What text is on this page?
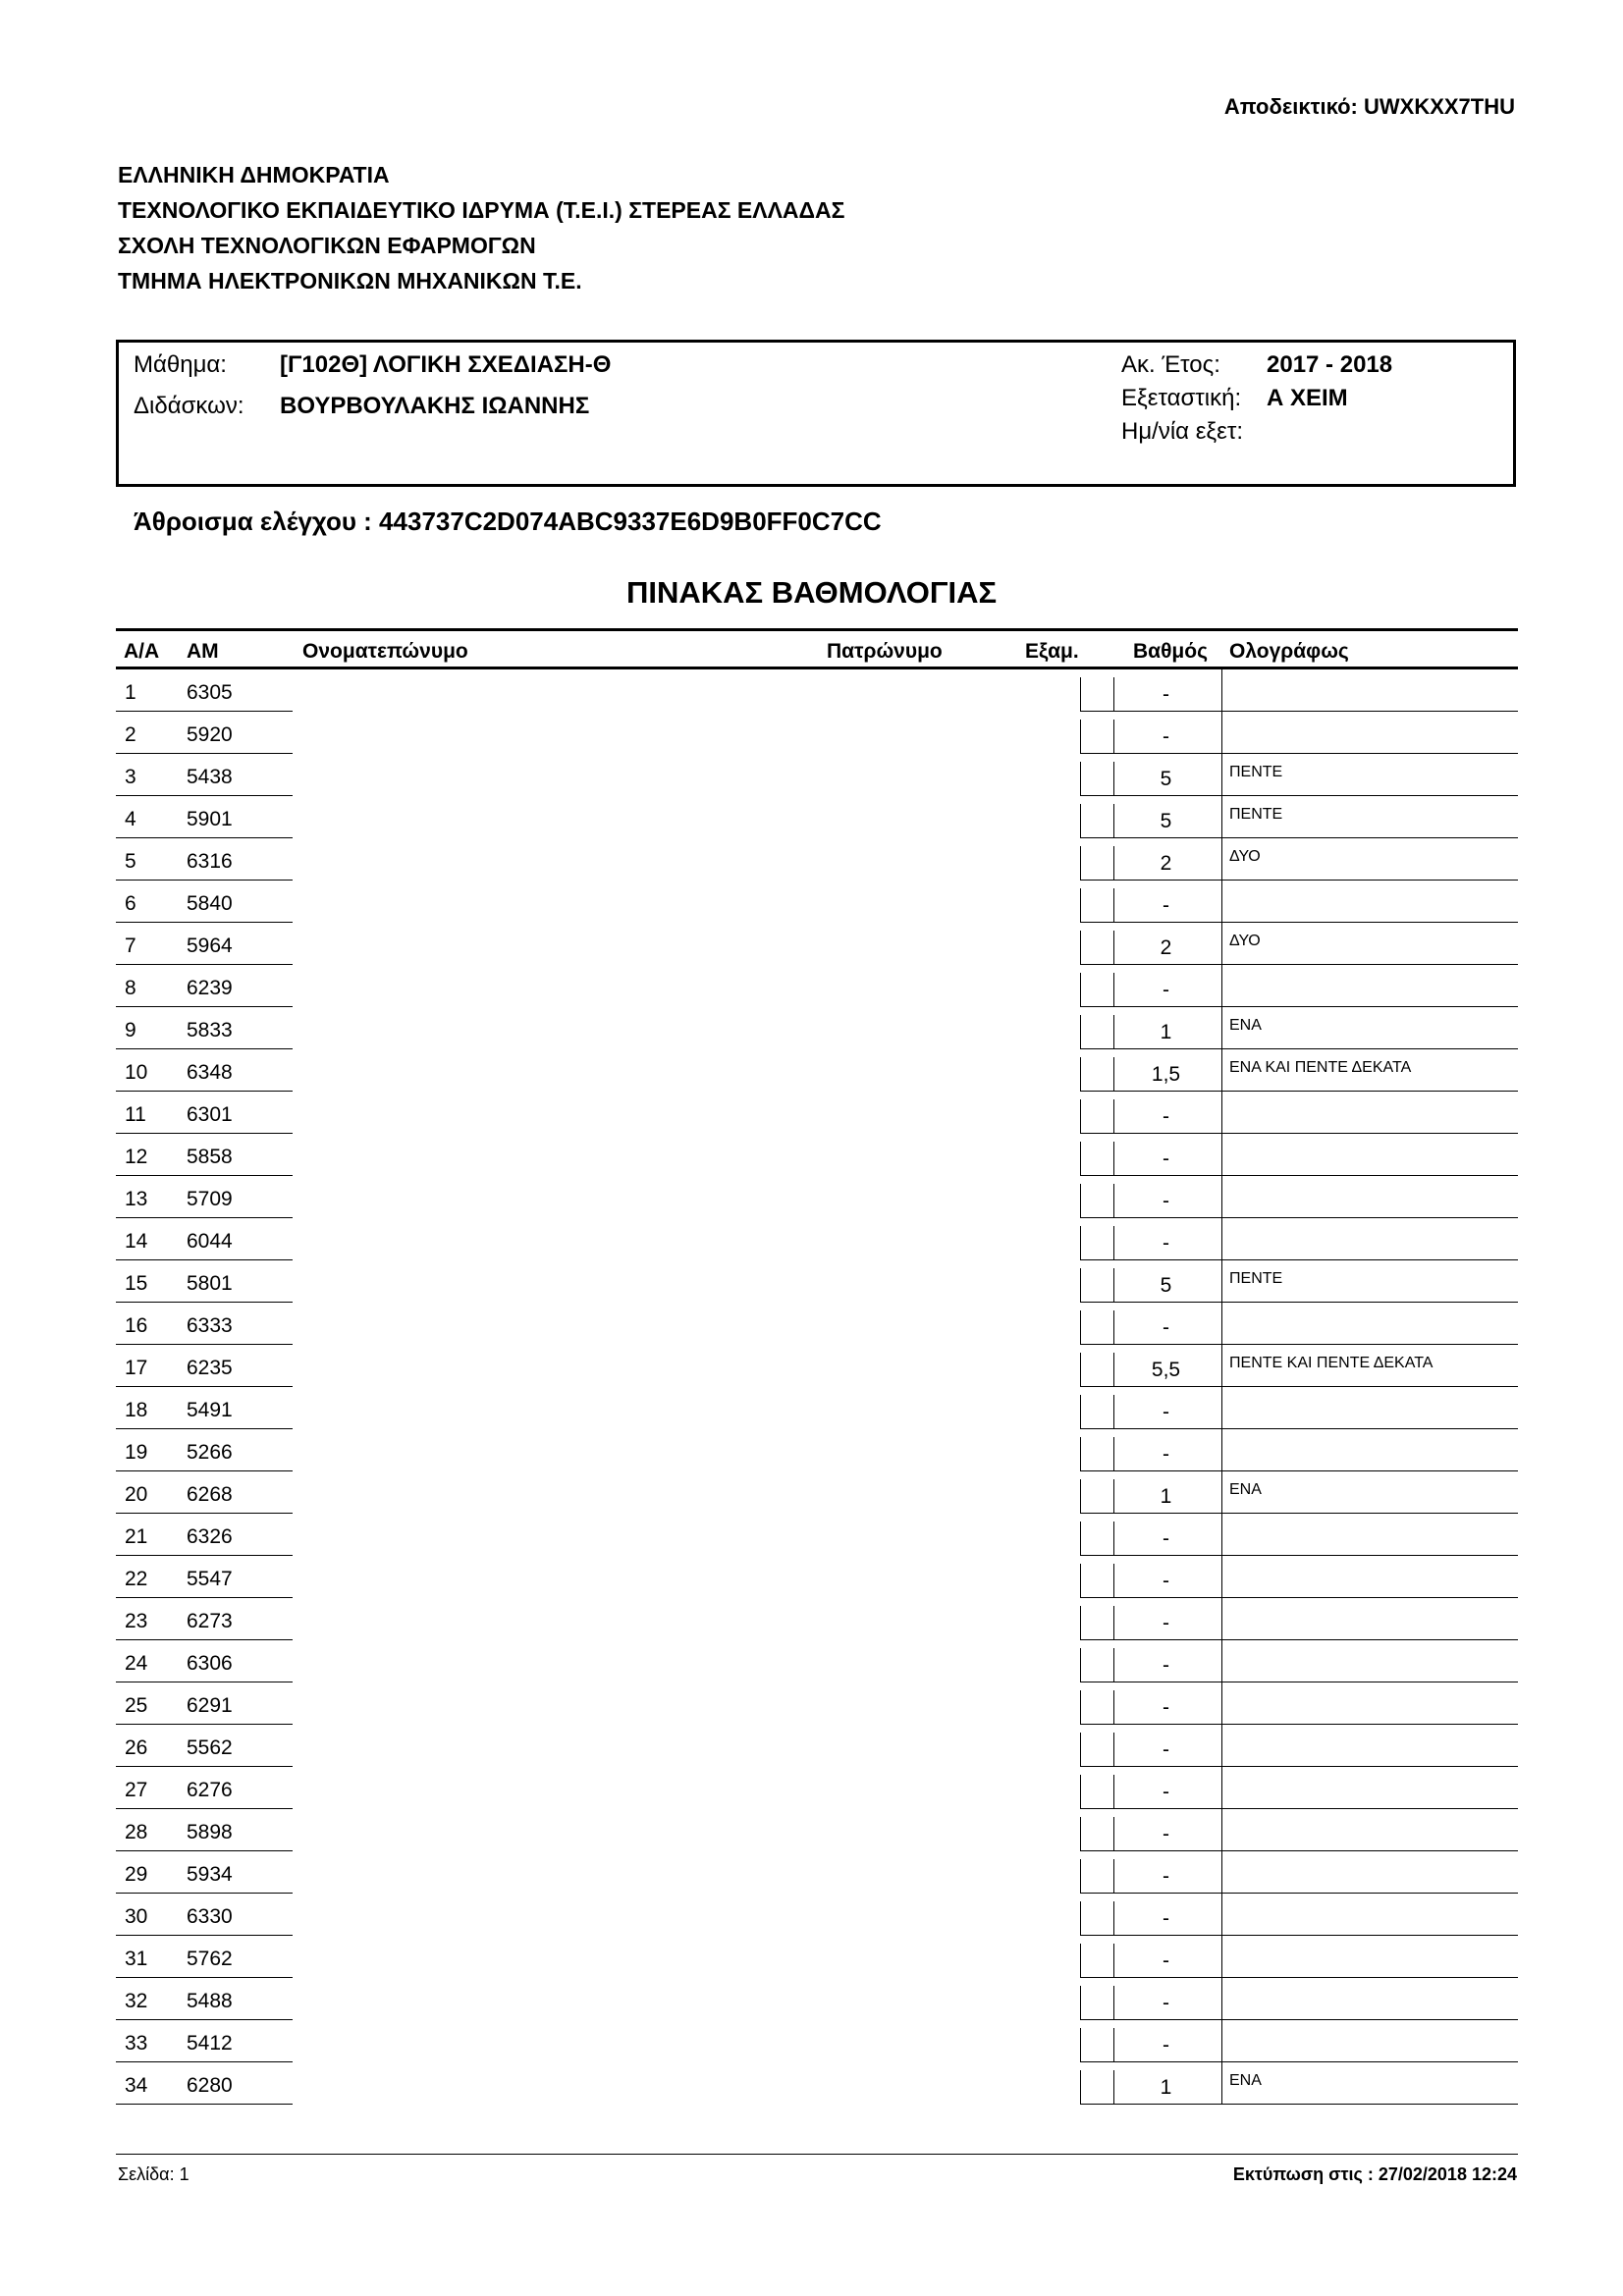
Αποδεικτικό: UWXKXX7THU
ΕΛΛΗΝΙΚΗ ΔΗΜΟΚΡΑΤΙΑ
ΤΕΧΝΟΛΟΓΙΚΟ ΕΚΠΑΙΔΕΥΤΙΚΟ ΙΔΡΥΜΑ (Τ.Ε.Ι.) ΣΤΕΡΕΑΣ ΕΛΛΑΔΑΣ
ΣΧΟΛΗ ΤΕΧΝΟΛΟΓΙΚΩΝ ΕΦΑΡΜΟΓΩΝ
ΤΜΗΜΑ ΗΛΕΚΤΡΟΝΙΚΩΝ ΜΗΧΑΝΙΚΩΝ Τ.Ε.
Μάθημα: [Γ102Θ] ΛΟΓΙΚΗ ΣΧΕΔΙΑΣΗ-Θ
Διδάσκων: ΒΟΥΡΒΟΥΛΑΚΗΣ ΙΩΑΝΝΗΣ
Ακ. Έτος: 2017 - 2018
Εξεταστική: Α ΧΕΙΜ
Ημ/νία εξετ:
Άθροισμα ελέγχου : 443737C2D074ABC9337E6D9B0FF0C7CC
ΠΙΝΑΚΑΣ ΒΑΘΜΟΛΟΓΙΑΣ
Α/Α ΑΜ	Ονοματεπώνυμο	Πατρώνυμο	Εξαμ.	Βαθμός Ολογράφως
1 6305	-
2 5920	-
3 5438	5	ΠΕΝΤΕ
4 5901	5	ΠΕΝΤΕ
5 6316	2	ΔΥΟ
6 5840	-
7 5964	2	ΔΥΟ
8 6239	-
9 5833	1	ΕΝΑ
10 6348	1,5	ΕΝΑ ΚΑΙ ΠΕΝΤΕ ΔΕΚΑΤΑ
11 6301	-
12 5858	-
13 5709	-
14 6044	-
15 5801	5	ΠΕΝΤΕ
16 6333	-
17 6235	5,5	ΠΕΝΤΕ ΚΑΙ ΠΕΝΤΕ ΔΕΚΑΤΑ
18 5491	-
19 5266	-
20 6268	1	ΕΝΑ
21 6326	-
22 5547	-
23 6273	-
24 6306	-
25 6291	-
26 5562	-
27 6276	-
28 5898	-
29 5934	-
30 6330	-
31 5762	-
32 5488	-
33 5412	-
34 6280	1	ΕΝΑ
Σελίδα: 1	Εκτύπωση στις : 27/02/2018 12:24
